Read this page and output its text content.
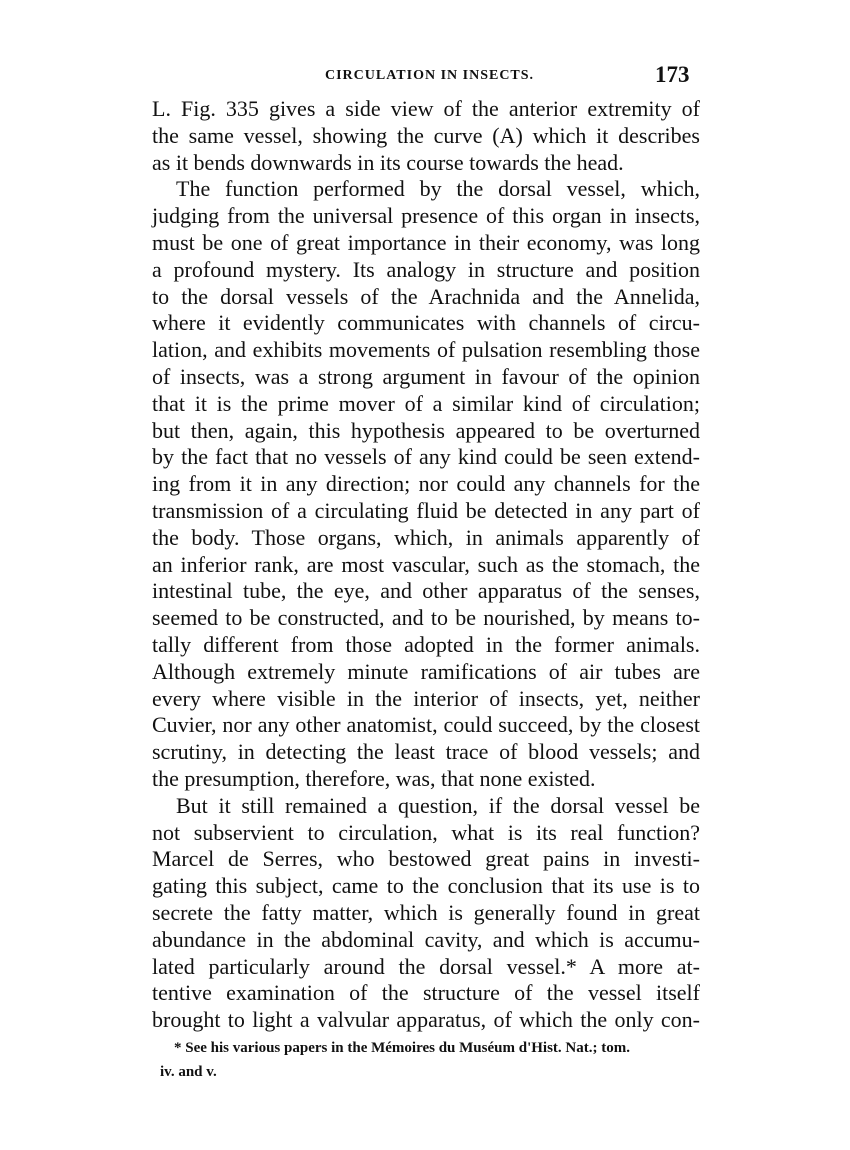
CIRCULATION IN INSECTS.	173
L. Fig. 335 gives a side view of the anterior extremity of
the same vessel, showing the curve (A) which it describes
as it bends downwards in its course towards the head.
The function performed by the dorsal vessel, which,
judging from the universal presence of this organ in insects,
must be one of great importance in their economy, was long
a profound mystery. Its analogy in structure and position
to the dorsal vessels of the Arachnida and the Annelida,
where it evidently communicates with channels of circu-
lation, and exhibits movements of pulsation resembling those
of insects, was a strong argument in favour of the opinion
that it is the prime mover of a similar kind of circulation;
but then, again, this hypothesis appeared to be overturned
by the fact that no vessels of any kind could be seen extend-
ing from it in any direction; nor could any channels for the
transmission of a circulating fluid be detected in any part of
the body. Those organs, which, in animals apparently of
an inferior rank, are most vascular, such as the stomach, the
intestinal tube, the eye, and other apparatus of the senses,
seemed to be constructed, and to be nourished, by means to-
tally different from those adopted in the former animals.
Although extremely minute ramifications of air tubes are
every where visible in the interior of insects, yet, neither
Cuvier, nor any other anatomist, could succeed, by the closest
scrutiny, in detecting the least trace of blood vessels; and
the presumption, therefore, was, that none existed.
But it still remained a question, if the dorsal vessel be
not subservient to circulation, what is its real function?
Marcel de Serres, who bestowed great pains in investi-
gating this subject, came to the conclusion that its use is to
secrete the fatty matter, which is generally found in great
abundance in the abdominal cavity, and which is accumu-
lated particularly around the dorsal vessel.* A more at-
tentive examination of the structure of the vessel itself
brought to light a valvular apparatus, of which the only con-
* See his various papers in the Mémoires du Muséum d'Hist. Nat.; tom.
iv. and v.
